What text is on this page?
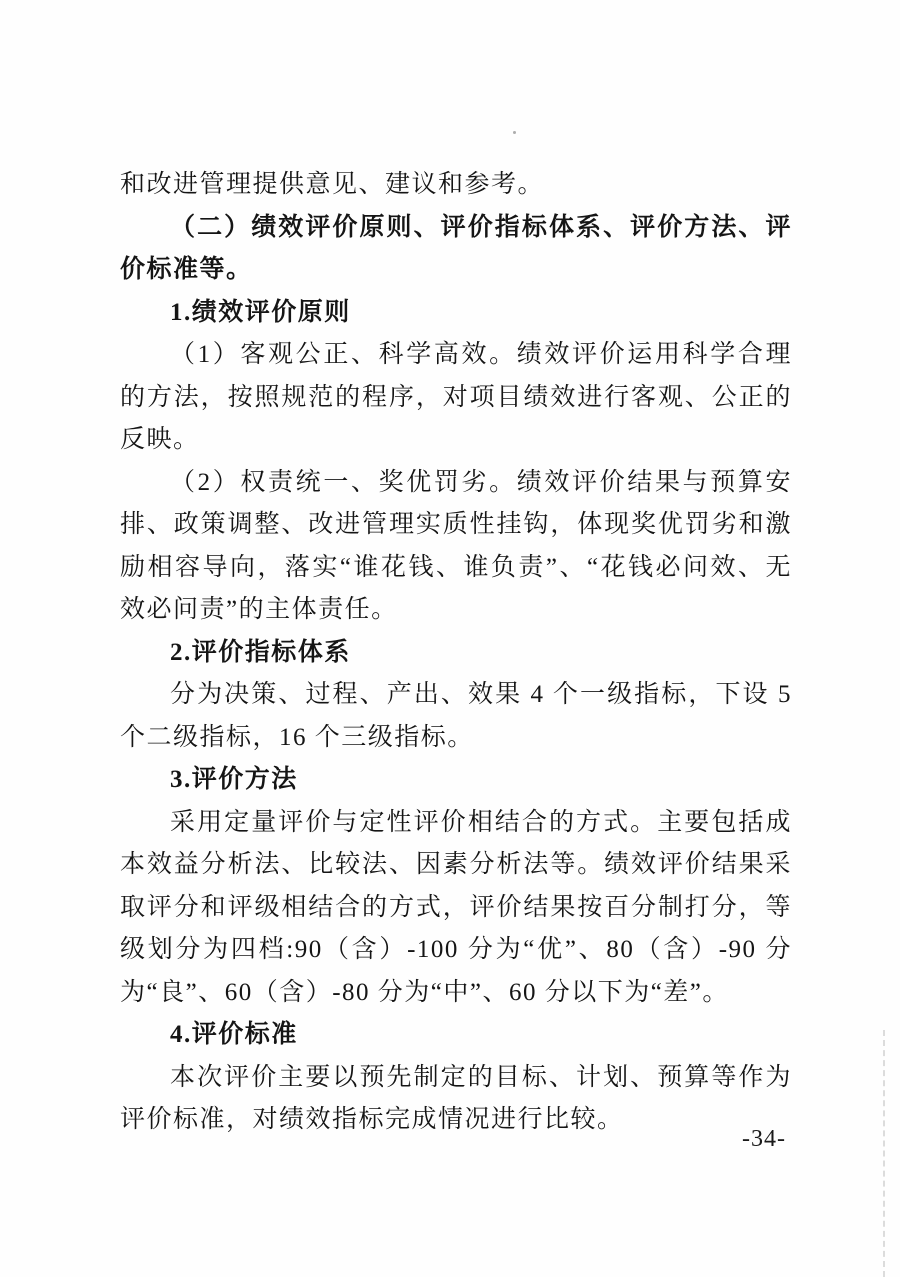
和改进管理提供意见、建议和参考。

（二）绩效评价原则、评价指标体系、评价方法、评价标准等。

1.绩效评价原则

（1）客观公正、科学高效。绩效评价运用科学合理的方法，按照规范的程序，对项目绩效进行客观、公正的反映。

（2）权责统一、奖优罚劣。绩效评价结果与预算安排、政策调整、改进管理实质性挂钩，体现奖优罚劣和激励相容导向，落实“谁花钱、谁负责”、“花钱必问效、无效必问责”的主体责任。

2.评价指标体系

分为决策、过程、产出、效果 4 个一级指标，下设 5 个二级指标，16 个三级指标。

3.评价方法

采用定量评价与定性评价相结合的方式。主要包括成本效益分析法、比较法、因素分析法等。绩效评价结果采取评分和评级相结合的方式，评价结果按百分制打分，等级划分为四档:90（含）-100 分为“优”、80（含）-90 分为“良”、60（含）-80 分为“中”、60 分以下为“差”。

4.评价标准

本次评价主要以预先制定的目标、计划、预算等作为评价标准，对绩效指标完成情况进行比较。

-34-
